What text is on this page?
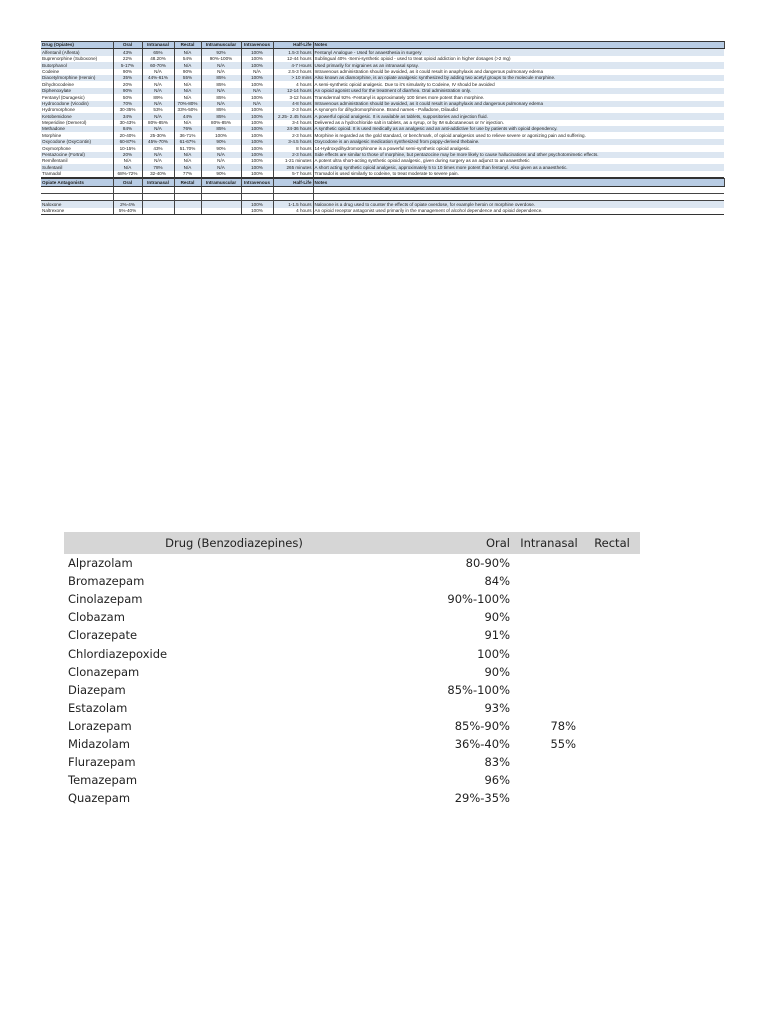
Drug (Opiates)	Oral	Intranasal	Rectal	Intramuscular	Intravenous	Half-Life	Notes
Alfentanil (Alfenta)	43%	65%	N/A	92%	100%	1.5-3 hours	Fentanyl Analogue - Used for anaesthesia in surgery
Buprenorphine (Suboxone)	22%	48.20%	54%	90%-100%	100%	12-44 hours	Sublingual 40% -Semi-synthetic opioid - used to treat opioid addiction in higher dosages (>2 mg)
Butorphanol	5-17%	60-70%	N/A	N/A	100%	4-7 Hours	Used primarily for migraines as an intranasal spray.
Codeine	90%	N/A	90%	N/A	N/A	2.5-3 hours	Intravenous administration should be avoided, as it could result in anaphylaxis and dangerous pulmonary edema
Diacetylmorphine (Heroin)	35%	44%-61%	55%	85%	100%	> 10 mins	Also known as diamorphine, is an opiate analgesic synthesized by adding two acetyl groups to the molecule morphine.
Dihydrocodeine	20%	N/A	N/A	85%	100%	4 hours	A semi-synthetic opioid analgesic. Due to it's simularity to Codeine, IV should be avoided
Diphenoxylate	90%	N/A	N/A	N/A	N/A	12-14 hours	An opioid agonist used for the treatment of diarrhea. Oral administration only.
Fentanyl (Duragesic)	50%	89%	N/A	85%	100%	3-12 hours	Transdermal 92% -Fentanyl is approximately 100 times more potent than morphine.
Hydrocodone (Vicodin)	70%	N/A	70%-80%	N/A	N/A	4-8 hours	Intravenous administration should be avoided, as it could result in anaphylaxis and dangerous pulmonary edema
Hydromorphone	30-35%	53%	33%-50%	85%	100%	2-3 hours	A synonym for dihydromorphinone. Brand names - Palladone, Dilaudid
Ketobemidone	34%	N/A	44%	85%	100%	2.25- 2.45 hours	A powerful opioid analgesic. It is available as tablets, suppositories and injection fluid.
Meperidine (Demerol)	30-43%	80%-85%	N/A	80%-85%	100%	3-4 hours	Delivered as a hydrochloride salt in tablets, as a syrup, or by IM subcutaneous or IV injection.
Methadone	84%	N/A	76%	85%	100%	24-36 hours	A synthetic opioid. It is used medically as an analgesic and an anti-addictive for use by patients with opioid dependency.
Morphine	20-40%	25-30%	36-71%	100%	100%	2-3 hours	Morphine is regarded as the gold standard, or benchmark, of opioid analgesics used to relieve severe or agonizing pain and suffering.
Oxycodone (OxyContin)	60-87%	45%-70%	61-67%	90%	100%	3-4.5 hours	Oxycodone is an analgesic medication synthesized from poppy-derived thebaine.
Oxymorphone	10-15%	43%	51.70%	90%	100%	8 hours	14-Hydroxydihydromorphinone is a powerful semi-synthetic opioid analgesic.
Pentazocine (Fortral)	20%	N/A	N/A	N/A	100%	2-3 hours	Side effects are similar to those of morphine, but pentazocine may be more likely to cause hallucinations and other psychotomimetic effects.
Remifentanil	N/A	N/A	N/A	N/A	100%	1-21 minutes	A potent ultra short-acting synthetic opioid analgesic, given during surgery as an adjunct to an anaesthetic
Sufentanil	N/A	78%	N/A	N/A	100%	265 minutes	A short acting synthetic opioid analgesic, approximately 5 to 10 times more potent than fentanyl. Also given as a anaesthetic.
Tramadol	68%-72%	32-40%	77%	90%	100%	5-7 hours	Tramadol is used similarly to codeine, to treat moderate to severe pain.

Opiate Antagonists	Oral	Intranasal	Rectal	Intramuscular	Intravenous	Half-Life	Notes
Naloxone	2%-4%				100%	1-1.5 hours	Naloxone is a drug used to counter the effects of opiate overdose, for example heroin or morphine overdose.
Naltrexone	5%-40%				100%	4 hours	An opioid receptor antagonist used primarily in the management of alcohol dependence and opioid dependence.
Drug (Benzodiazepines)	Oral	Intranasal	Rectal
Alprazolam	80-90%		
Bromazepam	84%		
Cinolazepam	90%-100%		
Clobazam	90%		
Clorazepate	91%		
Chlordiazepoxide	100%		
Clonazepam	90%		
Diazepam	85%-100%		
Estazolam	93%		
Lorazepam	85%-90%	78%	
Midazolam	36%-40%	55%	
Flurazepam	83%		
Temazepam	96%		
Quazepam	29%-35%		
